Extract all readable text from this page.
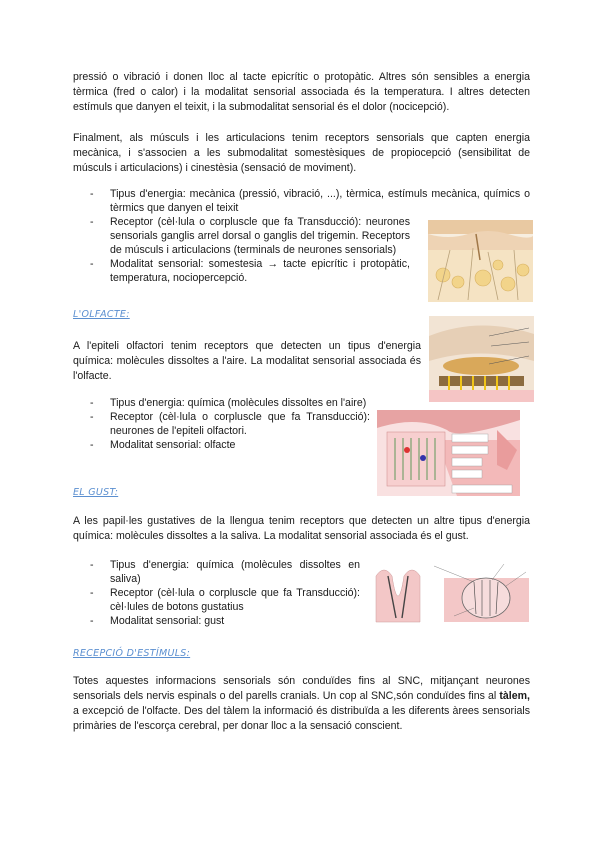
pressió o vibració i donen lloc al tacte epicrític o protopàtic. Altres són sensibles a energia tèrmica (fred o calor) i la modalitat sensorial associada és la temperatura. I altres detecten estímuls que danyen el teixit, i la submodalitat sensorial és el dolor (nocicepció).

Finalment, als músculs i les articulacions tenim receptors sensorials que capten energia mecànica, i s'associen a les submodalitat somestèsiques de propiocepció (sensibilitat de músculs i articulacions) i cinestèsia (sensació de moviment).

- Tipus d'energia: mecànica (pressió, vibració, ...), tèrmica, estímuls mecànica, químics o tèrmics que danyen el teixit
- Receptor (cèl·lula o corpluscle que fa Transducció): neurones sensorials ganglis arrel dorsal o ganglis del trigemin. Receptors de músculs i articulacions (terminals de neurones sensorials)
- Modalitat sensorial: somestesia → tacte epicrític i protopàtic, temperatura, nociopercepció.

L'OLFACTE:

A l'epiteli olfactori tenim receptors que detecten un tipus d'energia química: molècules dissoltes a l'aire. La modalitat sensorial associada és l'olfacte.

- Tipus d'energia: química (molècules dissoltes en l'aire)
- Receptor (cèl·lula o corpluscle que fa Transducció): neurones de l'epiteli olfactori.
- Modalitat sensorial: olfacte

EL GUST:

A les papil·les gustatives de la llengua tenim receptors que detecten un altre tipus d'energia química: molècules dissoltes a la saliva. La modalitat sensorial associada és el gust.

- Tipus d'energia: química (molècules dissoltes en saliva)
- Receptor (cèl·lula o corpluscle que fa Transducció): cèl·lules de botons gustatius
- Modalitat sensorial: gust

RECEPCIÓ D'ESTÍMULS:

Totes aquestes informacions sensorials són conduïdes fins al SNC, mitjançant neurones sensorials dels nervis espinals o del parells cranials. Un cop al SNC,són conduïdes fins al tàlem, a excepció de l'olfacte. Des del tàlem la informació és distribuïda a les diferents àrees sensorials primàries de l'escorça cerebral, per donar lloc a la sensació conscient.
